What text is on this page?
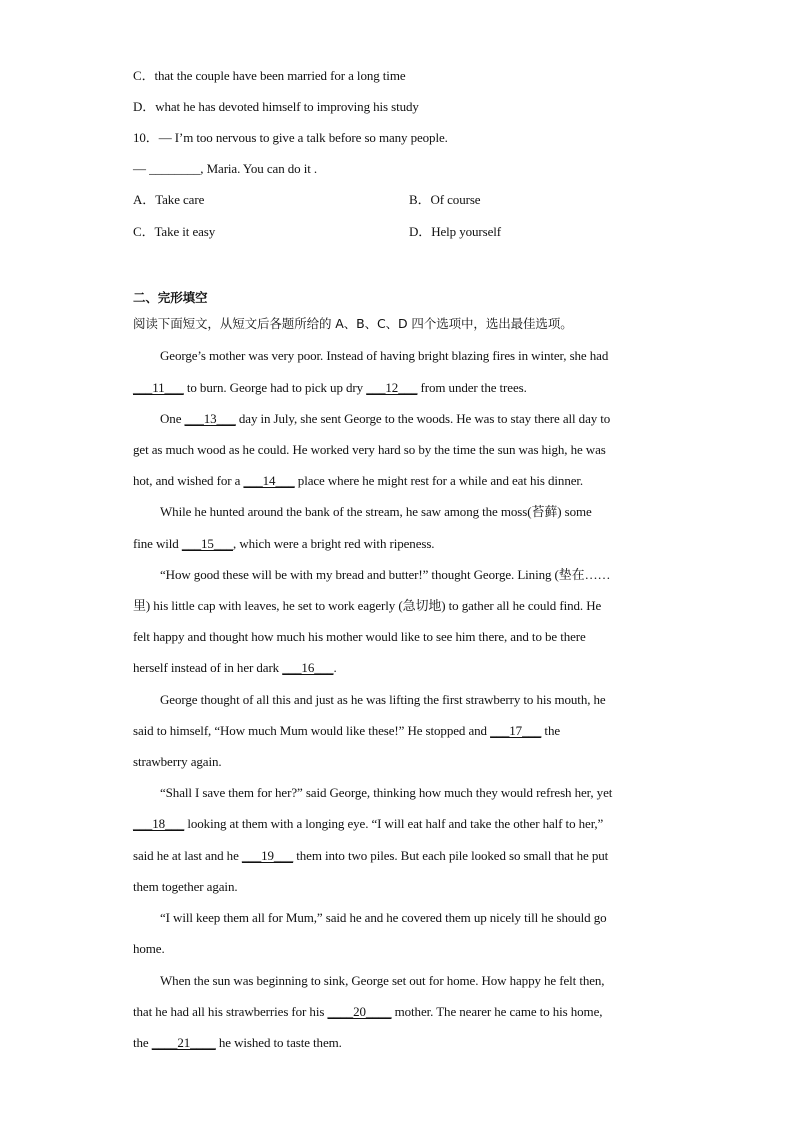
C．that the couple have been married for a long time
D．what he has devoted himself to improving his study
10．— I’m too nervous to give a talk before so many people.
— ________, Maria. You can do it .
A．Take care	B．Of course
C．Take it easy	D．Help yourself
二、完形填空
阅读下面短文，从短文后各题所给的 A、B、C、D 四个选项中，选出最佳选项。
George’s mother was very poor. Instead of having bright blazing fires in winter, she had
___11___ to burn. George had to pick up dry ___12___ from under the trees.
One ___13___ day in July, she sent George to the woods. He was to stay there all day to
get as much wood as he could. He worked very hard so by the time the sun was high, he was
hot, and wished for a ___14___ place where he might rest for a while and eat his dinner.
While he hunted around the bank of the stream, he saw among the moss(苔藓) some
fine wild ___15___, which were a bright red with ripeness.
“How good these will be with my bread and butter!” thought George. Lining (垫在……
里) his little cap with leaves, he set to work eagerly (急切地) to gather all he could find. He
felt happy and thought how much his mother would like to see him there, and to be there
herself instead of in her dark ___16___.
George thought of all this and just as he was lifting the first strawberry to his mouth, he
said to himself, “How much Mum would like these!” He stopped and ___17___ the
strawberry again.
“Shall I save them for her?” said George, thinking how much they would refresh her, yet
___18___ looking at them with a longing eye. “I will eat half and take the other half to her,”
said he at last and he ___19___ them into two piles. But each pile looked so small that he put
them together again.
“I will keep them all for Mum,” said he and he covered them up nicely till he should go
home.
When the sun was beginning to sink, George set out for home. How happy he felt then,
that he had all his strawberries for his ____20____ mother. The nearer he came to his home,
the ____21____ he wished to taste them.
